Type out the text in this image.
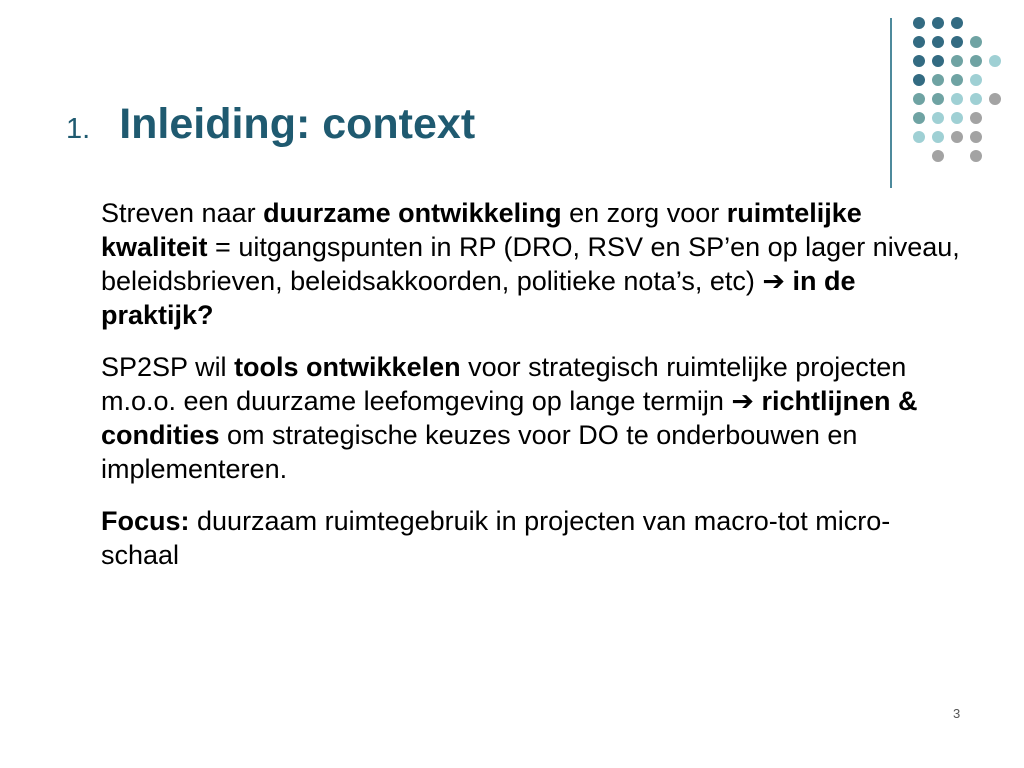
1. Inleiding: context

Streven naar duurzame ontwikkeling en zorg voor ruimtelijke kwaliteit = uitgangspunten in RP (DRO, RSV en SP’en op lager niveau, beleidsbrieven, beleidsakkoorden, politieke nota’s, etc) ➔ in de praktijk?

SP2SP wil tools ontwikkelen voor strategisch ruimtelijke projecten m.o.o. een duurzame leefomgeving op lange termijn ➔ richtlijnen & condities om strategische keuzes voor DO te onderbouwen en implementeren.

Focus: duurzaam ruimtegebruik in projecten van macro-tot micro-schaal

3
